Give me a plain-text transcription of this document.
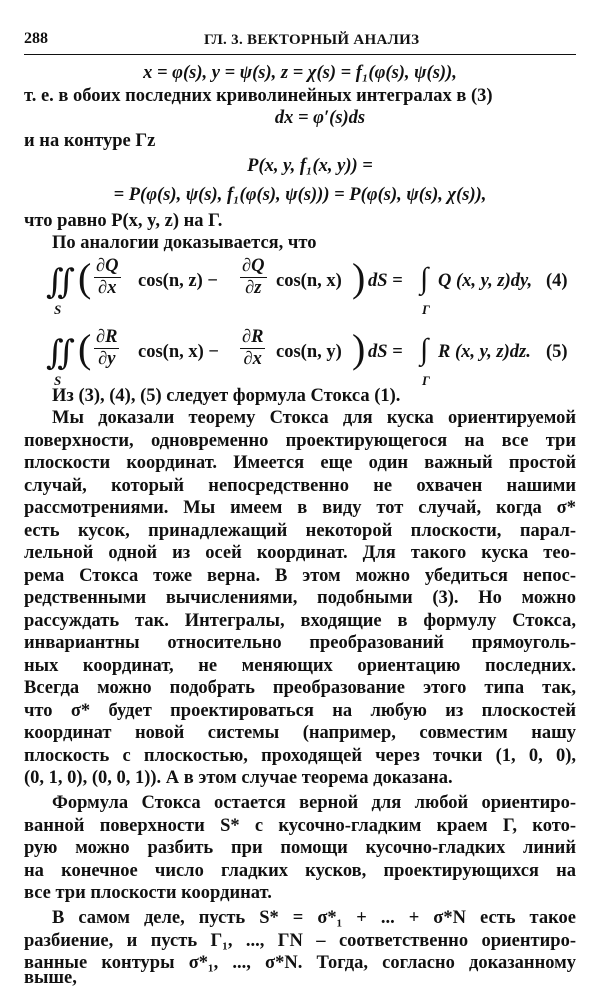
288	ГЛ. 3. ВЕКТОРНЫЙ АНАЛИЗ
x = φ(s), y = ψ(s), z = χ(s) = f₁(φ(s), ψ(s)),
т. е. в обоих последних криволинейных интегралах в (3)
dx = φ′(s)ds
и на контуре Γz
P(x, y, f₁(x, y)) =
= P(φ(s), ψ(s), f₁(φ(s), ψ(s))) = P(φ(s), ψ(s), χ(s)),
что равно P(x, y, z) на Γ.
По аналогии доказывается, что
∬
S
( $\frac{\partial Q}{\partial x} \cos(n$, $z) - \frac{\partial Q}{\partial z} \cos(n$, x) ) dS = ∫
Γ
Q (x, y, z)dy, (4)
∬
S
( $\frac{\partial R}{\partial y} \cos(n$, $x) - \frac{\partial R}{\partial x} \cos(n$, y) ) dS = ∫
Γ
R (x, y, z)dz. (5)
Из (3), (4), (5) следует формула Стокса (1).
Мы доказали теорему Стокса для куска ориентируемой
поверхности, одновременно проектирующегося на все три
плоскости координат. Имеется еще один важный простой
случай, который непосредственно не охвачен нашими
рассмотрениями. Мы имеем в виду тот случай, когда σ*
есть кусок, принадлежащий некоторой плоскости, парал-
лельной одной из осей координат. Для такого куска тео-
рема Стокса тоже верна. В этом можно убедиться непос-
редственными вычислениями, подобными (3). Но можно
рассуждать так. Интегралы, входящие в формулу Стокса,
инвариантны относительно преобразований прямоуголь-
ных координат, не меняющих ориентацию последних.
Всегда можно подобрать преобразование этого типа так,
что σ* будет проектироваться на любую из плоскостей
координат новой системы (например, совместим нашу
плоскость с плоскостью, проходящей через точки (1, 0, 0),
(0, 1, 0), (0, 0, 1)). А в этом случае теорема доказана.
Формула Стокса остается верной для любой ориентиро-
ванной поверхности S* с кусочно-гладким краем Γ, кото-
рую можно разбить при помощи кусочно-гладких линий
на конечное число гладких кусков, проектирующихся на
все три плоскости координат.
В самом деле, пусть S* = σ*₁ + ... + σ*N есть такое
разбиение, и пусть Γ₁, ..., ΓN – соответственно ориентиро-
ванные контуры σ*₁, ..., σ*N. Тогда, согласно доказанному
выше,
